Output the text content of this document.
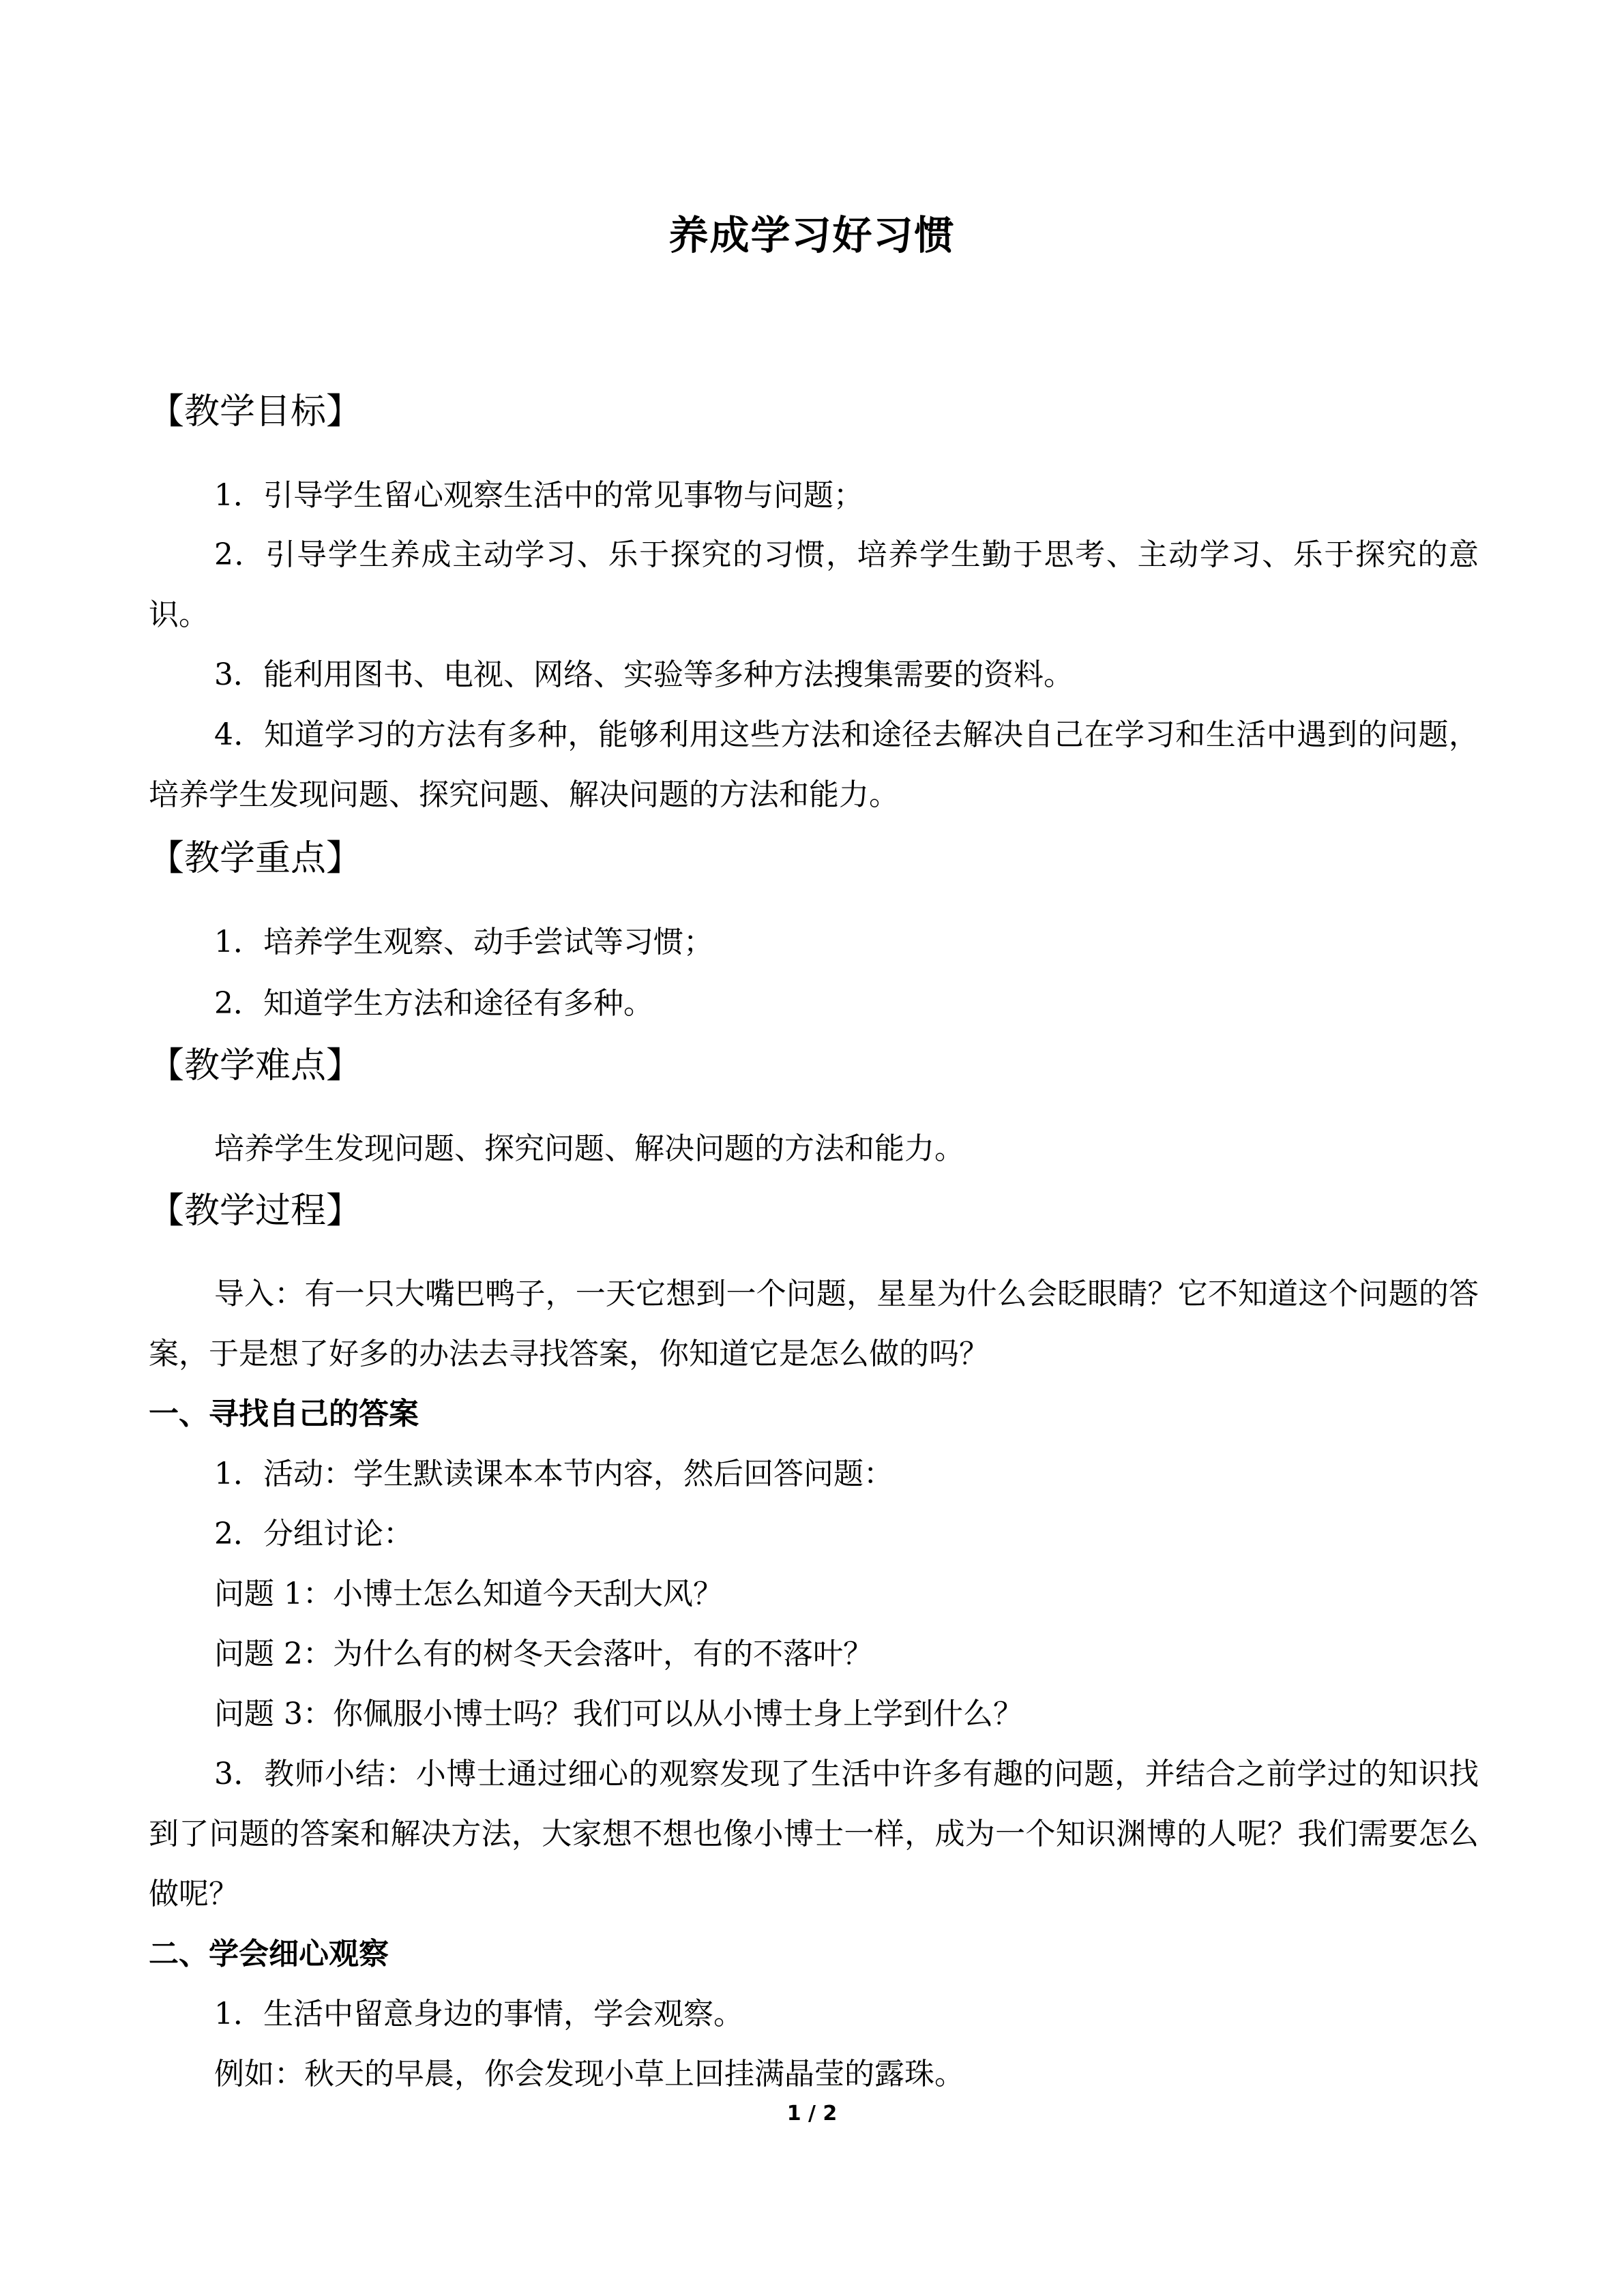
养成学习好习惯
【教学目标】
1．引导学生留心观察生活中的常见事物与问题；
2．引导学生养成主动学习、乐于探究的习惯，培养学生勤于思考、主动学习、乐于探究的意识。
3．能利用图书、电视、网络、实验等多种方法搜集需要的资料。
4．知道学习的方法有多种，能够利用这些方法和途径去解决自己在学习和生活中遇到的问题，培养学生发现问题、探究问题、解决问题的方法和能力。
【教学重点】
1．培养学生观察、动手尝试等习惯；
2．知道学生方法和途径有多种。
【教学难点】
培养学生发现问题、探究问题、解决问题的方法和能力。
【教学过程】
导入：有一只大嘴巴鸭子，一天它想到一个问题，星星为什么会眨眼睛？它不知道这个问题的答案，于是想了好多的办法去寻找答案，你知道它是怎么做的吗？
一、寻找自己的答案
1．活动：学生默读课本本节内容，然后回答问题：
2．分组讨论：
问题 1：小博士怎么知道今天刮大风？
问题 2：为什么有的树冬天会落叶，有的不落叶？
问题 3：你佩服小博士吗？我们可以从小博士身上学到什么？
3．教师小结：小博士通过细心的观察发现了生活中许多有趣的问题，并结合之前学过的知识找到了问题的答案和解决方法，大家想不想也像小博士一样，成为一个知识渊博的人呢？我们需要怎么做呢？
二、学会细心观察
1．生活中留意身边的事情，学会观察。
例如：秋天的早晨，你会发现小草上回挂满晶莹的露珠。
1 / 2
